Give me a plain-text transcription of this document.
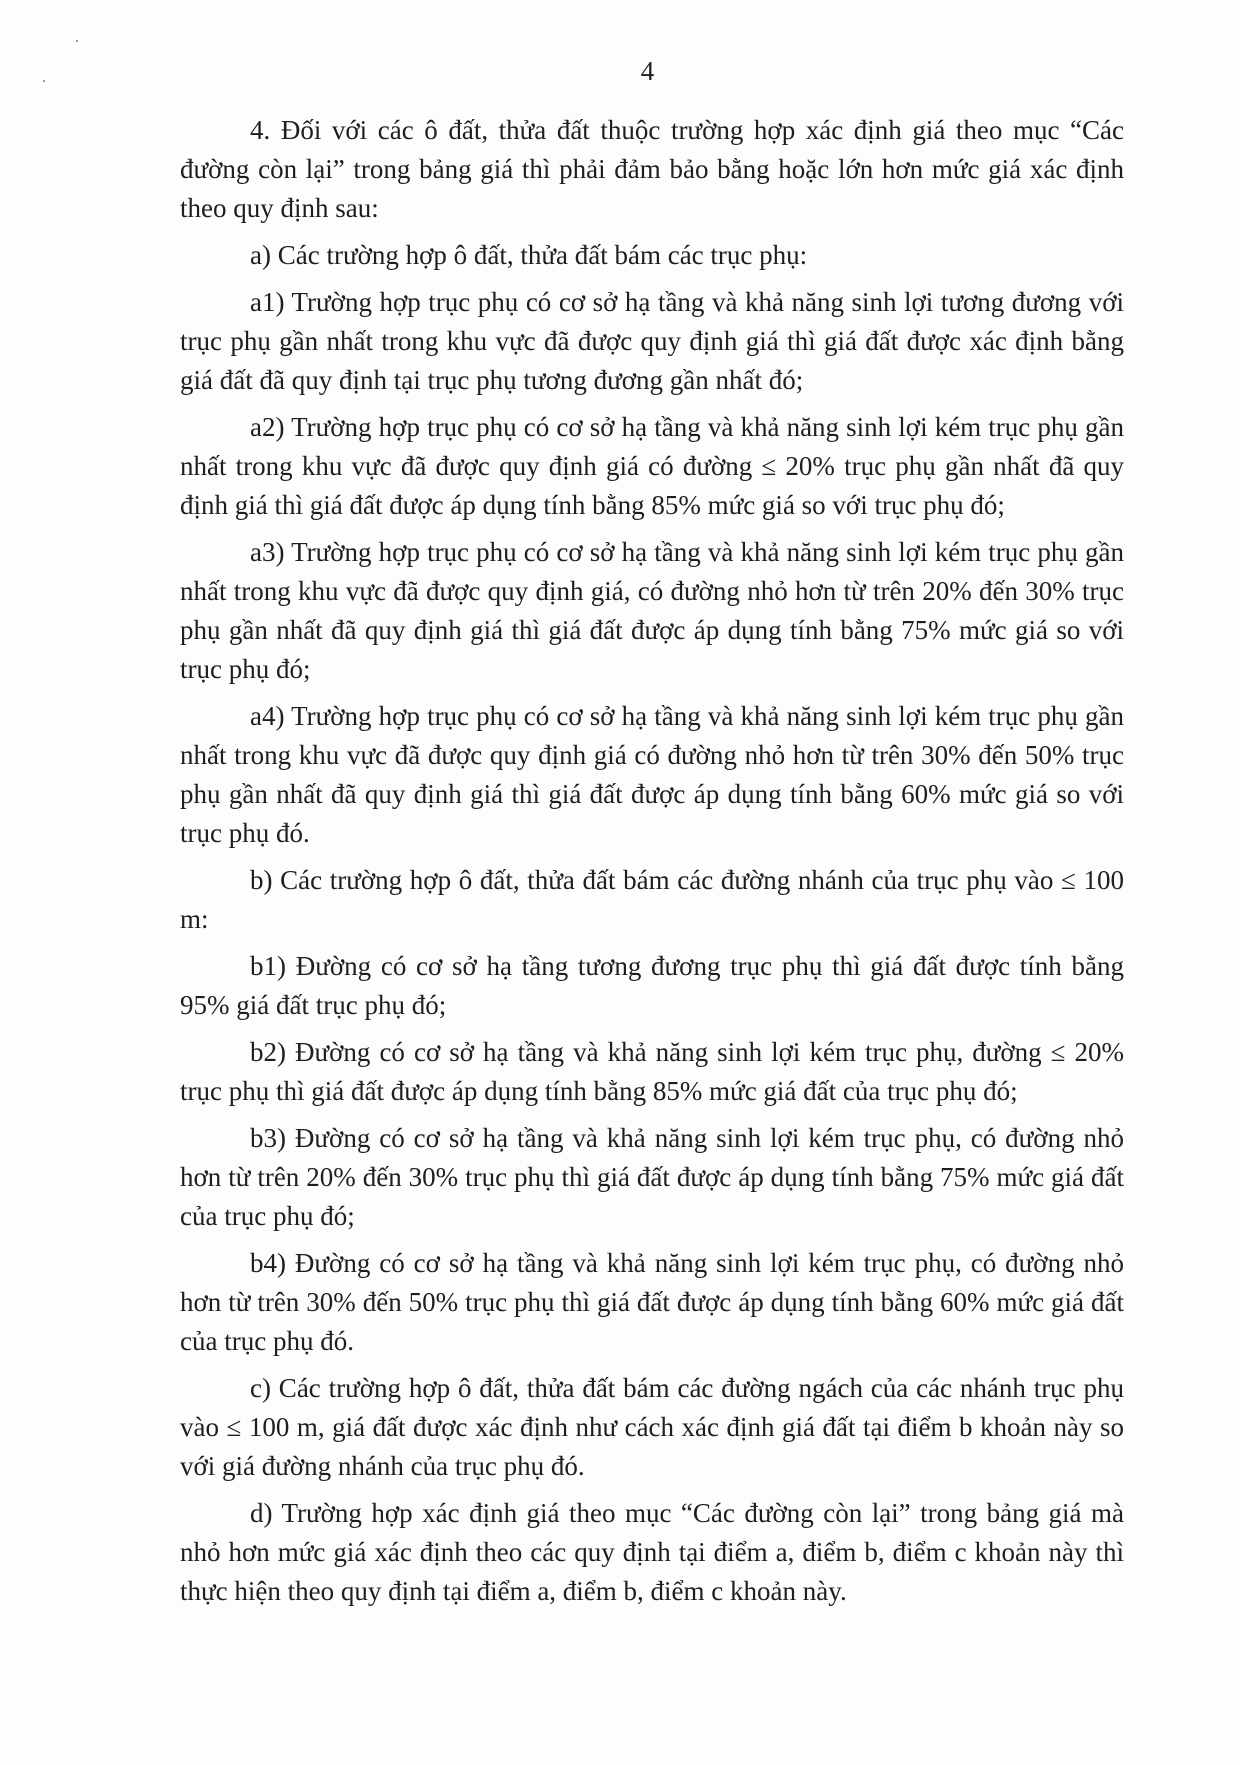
4

4. Đối với các ô đất, thửa đất thuộc trường hợp xác định giá theo mục “Các đường còn lại” trong bảng giá thì phải đảm bảo bằng hoặc lớn hơn mức giá xác định theo quy định sau:

a) Các trường hợp ô đất, thửa đất bám các trục phụ:

a1) Trường hợp trục phụ có cơ sở hạ tầng và khả năng sinh lợi tương đương với trục phụ gần nhất trong khu vực đã được quy định giá thì giá đất được xác định bằng giá đất đã quy định tại trục phụ tương đương gần nhất đó;

a2) Trường hợp trục phụ có cơ sở hạ tầng và khả năng sinh lợi kém trục phụ gần nhất trong khu vực đã được quy định giá có đường ≤ 20% trục phụ gần nhất đã quy định giá thì giá đất được áp dụng tính bằng 85% mức giá so với trục phụ đó;

a3) Trường hợp trục phụ có cơ sở hạ tầng và khả năng sinh lợi kém trục phụ gần nhất trong khu vực đã được quy định giá, có đường nhỏ hơn từ trên 20% đến 30% trục phụ gần nhất đã quy định giá thì giá đất được áp dụng tính bằng 75% mức giá so với trục phụ đó;

a4) Trường hợp trục phụ có cơ sở hạ tầng và khả năng sinh lợi kém trục phụ gần nhất trong khu vực đã được quy định giá có đường nhỏ hơn từ trên 30% đến 50% trục phụ gần nhất đã quy định giá thì giá đất được áp dụng tính bằng 60% mức giá so với trục phụ đó.

b) Các trường hợp ô đất, thửa đất bám các đường nhánh của trục phụ vào ≤ 100 m:

b1) Đường có cơ sở hạ tầng tương đương trục phụ thì giá đất được tính bằng 95% giá đất trục phụ đó;

b2) Đường có cơ sở hạ tầng và khả năng sinh lợi kém trục phụ, đường ≤ 20% trục phụ thì giá đất được áp dụng tính bằng 85% mức giá đất của trục phụ đó;

b3) Đường có cơ sở hạ tầng và khả năng sinh lợi kém trục phụ, có đường nhỏ hơn từ trên 20% đến 30% trục phụ thì giá đất được áp dụng tính bằng 75% mức giá đất của trục phụ đó;

b4) Đường có cơ sở hạ tầng và khả năng sinh lợi kém trục phụ, có đường nhỏ hơn từ trên 30% đến 50% trục phụ thì giá đất được áp dụng tính bằng 60% mức giá đất của trục phụ đó.

c) Các trường hợp ô đất, thửa đất bám các đường ngách của các nhánh trục phụ vào ≤ 100 m, giá đất được xác định như cách xác định giá đất tại điểm b khoản này so với giá đường nhánh của trục phụ đó.

d) Trường hợp xác định giá theo mục “Các đường còn lại” trong bảng giá mà nhỏ hơn mức giá xác định theo các quy định tại điểm a, điểm b, điểm c khoản này thì thực hiện theo quy định tại điểm a, điểm b, điểm c khoản này.
